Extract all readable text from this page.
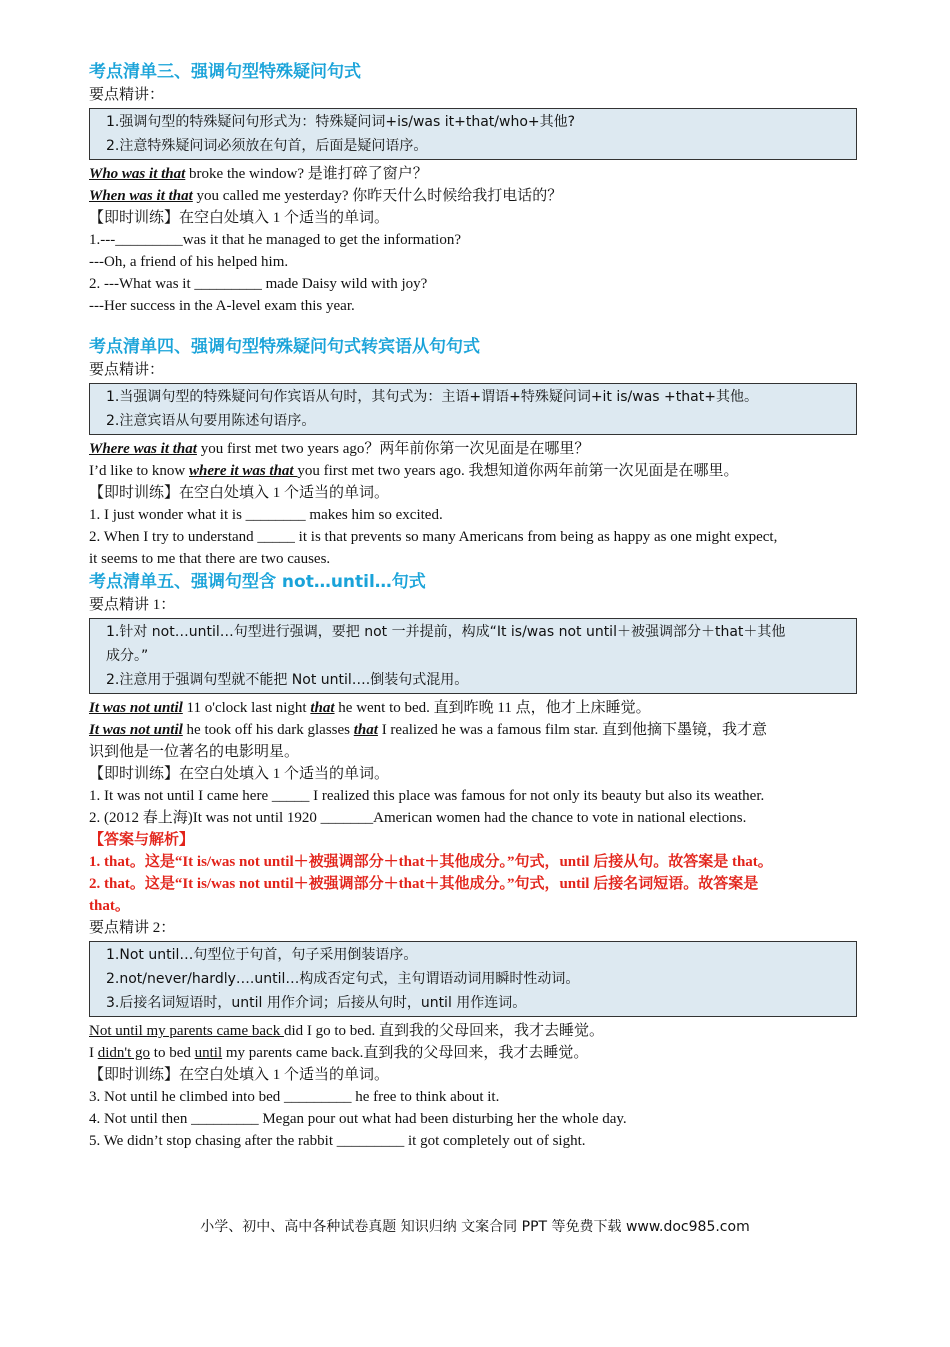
考点清单三、强调句型特殊疑问句式

要点精讲：

1.强调句型的特殊疑问句形式为：特殊疑问词+is/was it+that/who+其他?

2.注意特殊疑问词必须放在句首，后面是疑问语序。

Who was it that broke the window? 是谁打碎了窗户？

When was it that you called me yesterday? 你昨天什么时候给我打电话的？

【即时训练】在空白处填入 1 个适当的单词。

1.---_________was it that he managed to get the information?

---Oh, a friend of his helped him.

2. ---What was it _________ made Daisy wild with joy?

---Her success in the A-level exam this year.

考点清单四、强调句型特殊疑问句式转宾语从句句式

要点精讲：

1.当强调句型的特殊疑问句作宾语从句时，其句式为：主语+谓语+特殊疑问词+it is/was +that+其他。

2.注意宾语从句要用陈述句语序。

Where was it that you first met two years ago？两年前你第一次见面是在哪里？

I’d like to know where it was that you first met two years ago. 我想知道你两年前第一次见面是在哪里。

【即时训练】在空白处填入 1 个适当的单词。

1. I just wonder what it is ________ makes him so excited.

2. When I try to understand _____ it is that prevents so many Americans from being as happy as one might expect,

it seems to me that there are two causes.

考点清单五、强调句型含 not…until…句式

要点精讲 1：

1.针对 not…until…句型进行强调，要把 not 一并提前，构成“It is/was not until＋被强调部分＋that＋其他

成分。”

2.注意用于强调句型就不能把 Not until….倒装句式混用。

It was not until 11 o'clock last night that he went to bed. 直到昨晚 11 点，他才上床睡觉。

It was not until he took off his dark glasses that I realized he was a famous film star. 直到他摘下墨镜，我才意

识到他是一位著名的电影明星。

【即时训练】在空白处填入 1 个适当的单词。

1. It was not until I came here _____ I realized this place was famous for not only its beauty but also its weather.

2. (2012 春上海)It was not until 1920 _______American women had the chance to vote in national elections.

【答案与解析】

1. that。这是“It is/was not until＋被强调部分＋that＋其他成分。”句式，until 后接从句。故答案是 that。

2. that。这是“It is/was not until＋被强调部分＋that＋其他成分。”句式，until 后接名词短语。故答案是

that。

要点精讲 2：

1.Not until…句型位于句首，句子采用倒装语序。

2.not/never/hardly….until…构成否定句式，主句谓语动词用瞬时性动词。

3.后接名词短语时，until 用作介词；后接从句时，until 用作连词。

Not until my parents came back did I go to bed. 直到我的父母回来，我才去睡觉。

I didn't go to bed until my parents came back.直到我的父母回来，我才去睡觉。

【即时训练】在空白处填入 1 个适当的单词。

3. Not until he climbed into bed _________ he free to think about it.

4. Not until then _________ Megan pour out what had been disturbing her the whole day.

5. We didn’t stop chasing after the rabbit _________ it got completely out of sight.

小学、初中、高中各种试卷真题 知识归纳 文案合同 PPT 等免费下载 www.doc985.com
